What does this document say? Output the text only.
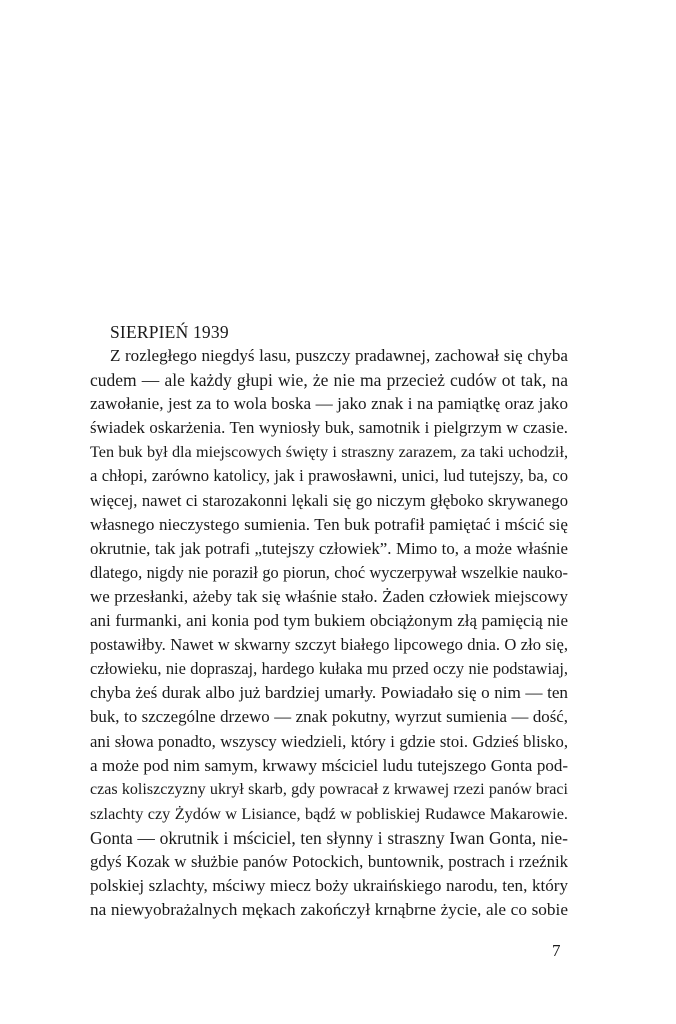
SIERPIEŃ 1939
Z rozległego niegdyś lasu, puszczy pradawnej, zachował się chyba
cudem — ale każdy głupi wie, że nie ma przecież cudów ot tak, na
zawołanie, jest za to wola boska — jako znak i na pamiątkę oraz jako
świadek oskarżenia. Ten wyniosły buk, samotnik i pielgrzym w czasie.
Ten buk był dla miejscowych święty i straszny zarazem, za taki uchodził,
a chłopi, zarówno katolicy, jak i prawosławni, unici, lud tutejszy, ba, co
więcej, nawet ci starozakonni lękali się go niczym głęboko skrywanego
własnego nieczystego sumienia. Ten buk potrafił pamiętać i mścić się
okrutnie, tak jak potrafi „tutejszy człowiek”. Mimo to, a może właśnie
dlatego, nigdy nie poraził go piorun, choć wyczerpywał wszelkie nauko-
we przesłanki, ażeby tak się właśnie stało. Żaden człowiek miejscowy
ani furmanki, ani konia pod tym bukiem obciążonym złą pamięcią nie
postawiłby. Nawet w skwarny szczyt białego lipcowego dnia. O zło się,
człowieku, nie dopraszaj, hardego kułaka mu przed oczy nie podstawiaj,
chyba żeś durak albo już bardziej umarły. Powiadało się o nim — ten
buk, to szczególne drzewo — znak pokutny, wyrzut sumienia — dość,
ani słowa ponadto, wszyscy wiedzieli, który i gdzie stoi. Gdzieś blisko,
a może pod nim samym, krwawy mściciel ludu tutejszego Gonta pod-
czas koliszczyzny ukrył skarb, gdy powracał z krwawej rzezi panów braci
szlachty czy Żydów w Lisiance, bądź w pobliskiej Rudawce Makarowie.
Gonta — okrutnik i mściciel, ten słynny i straszny Iwan Gonta, nie-
gdyś Kozak w służbie panów Potockich, buntownik, postrach i rzeźnik
polskiej szlachty, mściwy miecz boży ukraińskiego narodu, ten, który
na niewyobrażalnych mękach zakończył krnąbrne życie, ale co sobie
7
